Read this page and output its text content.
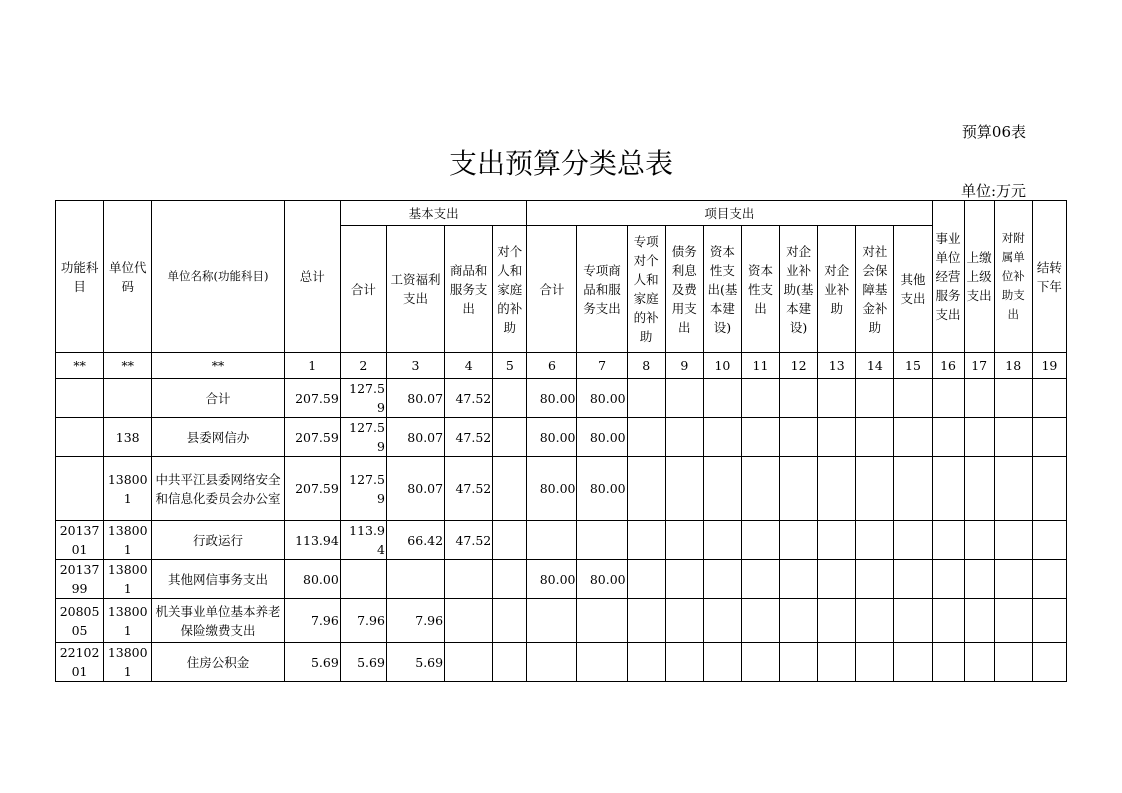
预算06表
支出预算分类总表
单位:万元
功能科目	单位代码	单位名称(功能科目)	总计	基本支出				项目支出										事业单位经营服务支出	上缴上级支出	对附属单位补助支出	结转下年
				合计	工资福利支出	商品和服务支出	对个人和家庭的补助	合计	专项商品和服务支出	专项对个人和家庭的补助	债务利息及费用支出	资本性支出(基本建设)	资本性支出	对企业补助(基本建设)	对企业补助	对社会保障基金补助	其他支出				
**	**	**	1	2	3	4	5	6	7	8	9	10	11	12	13	14	15	16	17	18	19
		合计	207.59	127.59	80.07	47.52		80.00	80.00												
	138	县委网信办	207.59	127.59	80.07	47.52		80.00	80.00												
	138001	中共平江县委网络安全和信息化委员会办公室	207.59	127.59	80.07	47.52		80.00	80.00												
2013701	138001	行政运行	113.94	113.94	66.42	47.52															
2013799	138001	其他网信事务支出	80.00					80.00	80.00												
2080505	138001	机关事业单位基本养老保险缴费支出	7.96	7.96	7.96																
2210201	138001	住房公积金	5.69	5.69	5.69																
